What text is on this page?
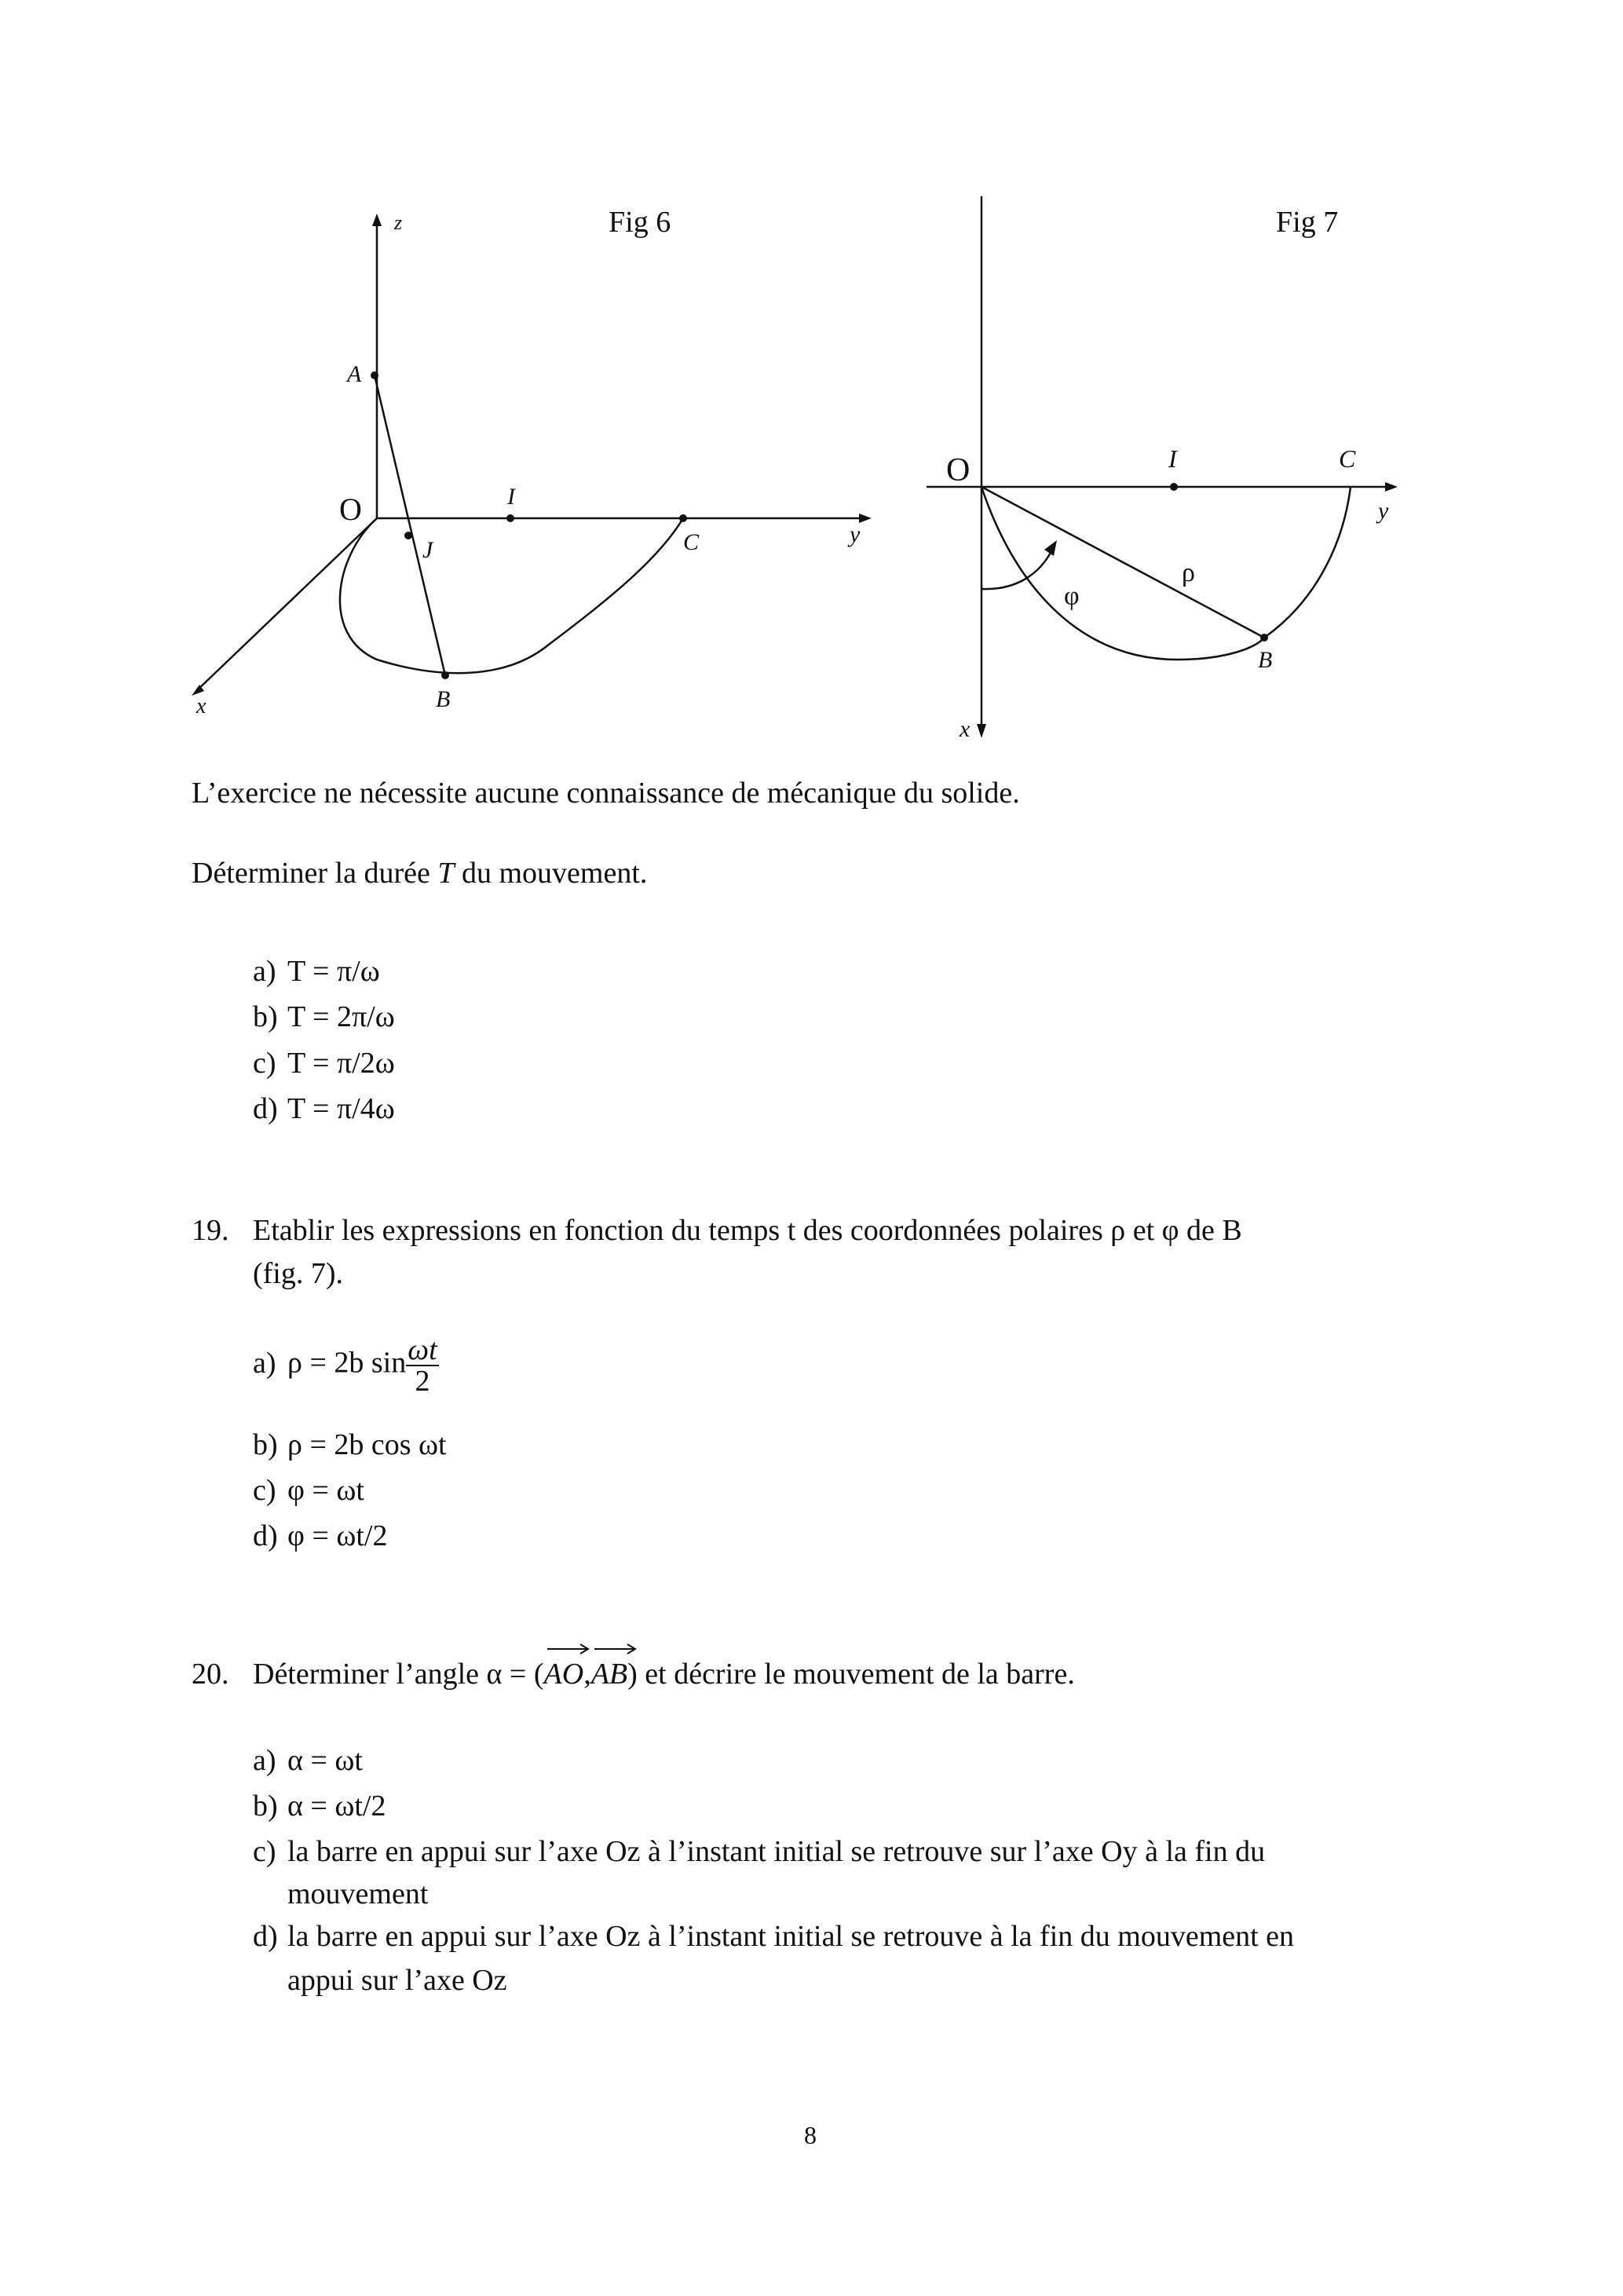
z	Fig 6
A
O	I
J	C	y
B
x
Fig 7
O	I	C
y
ρ
φ
B
x
L’exercice ne nécessite aucune connaissance de mécanique du solide.
Déterminer la durée T du mouvement.
a) T = π/ω
b) T = 2π/ω
c) T = π/2ω
d) T = π/4ω
19. Etablir les expressions en fonction du temps t des coordonnées polaires ρ et φ de B
(fig. 7).
a) ρ = 2b $\sin \frac{\omega t}{2}$
b) ρ = 2b cos ωt
c) φ = ωt
d) φ = ωt/2
20. Déterminer l’angle α = (
AO,
AB) et décrire le mouvement de la barre.
a) α = ωt
b) α = ωt/2
c) la barre en appui sur l’axe Oz à l’instant initial se retrouve sur l’axe Oy à la fin du
mouvement
d) la barre en appui sur l’axe Oz à l’instant initial se retrouve à la fin du mouvement en
appui sur l’axe Oz
8
